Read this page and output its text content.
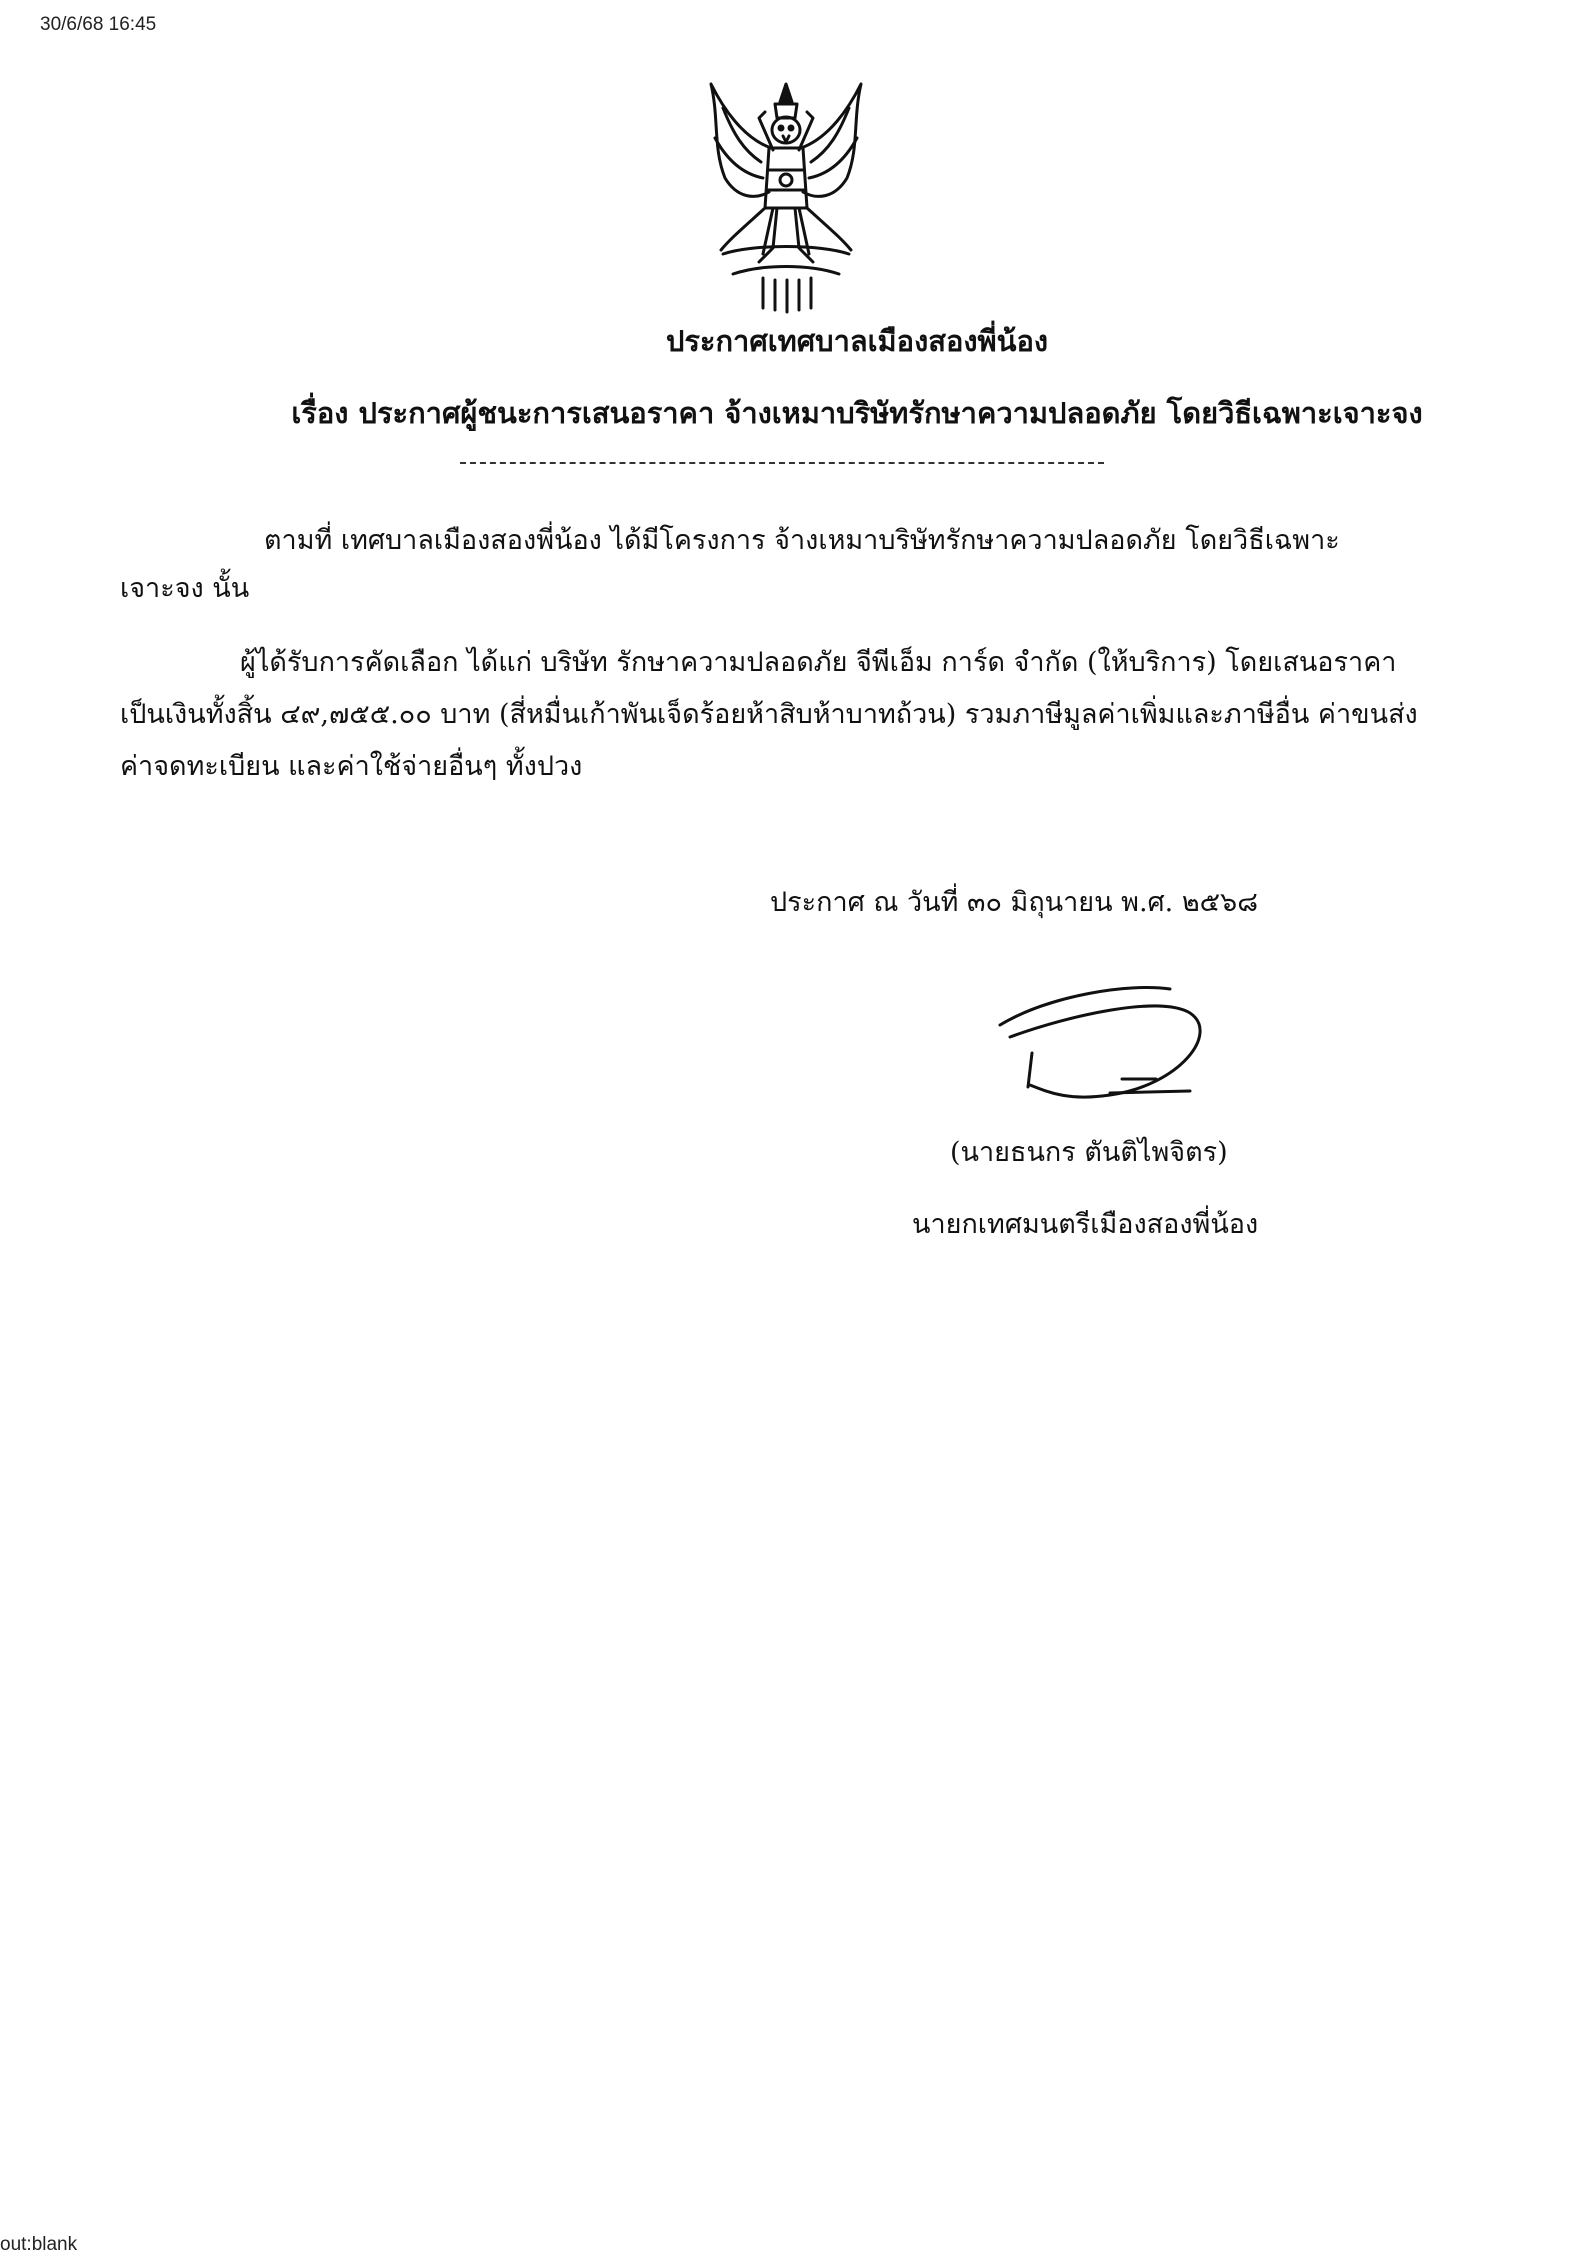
30/6/68 16:45
ประกาศเทศบาลเมืองสองพี่น้อง
เรื่อง ประกาศผู้ชนะการเสนอราคา จ้างเหมาบริษัทรักษาความปลอดภัย โดยวิธีเฉพาะเจาะจง
ตามที่ เทศบาลเมืองสองพี่น้อง ได้มีโครงการ จ้างเหมาบริษัทรักษาความปลอดภัย โดยวิธีเฉพาะ
เจาะจง นั้น
ผู้ได้รับการคัดเลือก ได้แก่ บริษัท รักษาความปลอดภัย จีพีเอ็ม การ์ด จำกัด (ให้บริการ) โดยเสนอราคา
เป็นเงินทั้งสิ้น ๔๙,๗๕๕.๐๐ บาท (สี่หมื่นเก้าพันเจ็ดร้อยห้าสิบห้าบาทถ้วน) รวมภาษีมูลค่าเพิ่มและภาษีอื่น ค่าขนส่ง
ค่าจดทะเบียน และค่าใช้จ่ายอื่นๆ ทั้งปวง
ประกาศ ณ วันที่ ๓๐ มิถุนายน พ.ศ. ๒๕๖๘
(นายธนกร ตันติไพจิตร)
นายกเทศมนตรีเมืองสองพี่น้อง
out:blank
